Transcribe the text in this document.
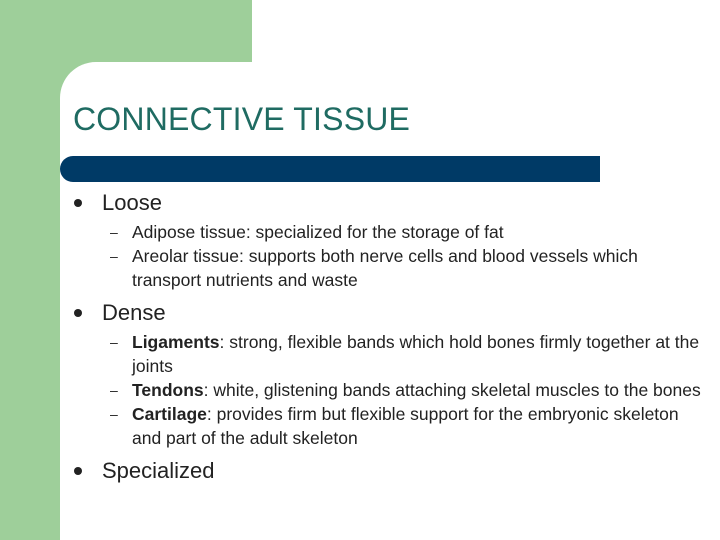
CONNECTIVE TISSUE
Loose
– Adipose tissue: specialized for the storage of fat
– Areolar tissue: supports both nerve cells and blood vessels which transport nutrients and waste
Dense
– Ligaments: strong, flexible bands which hold bones firmly together at the joints
– Tendons: white, glistening bands attaching skeletal muscles to the bones
– Cartilage: provides firm but flexible support for the embryonic skeleton and part of the adult skeleton
Specialized
